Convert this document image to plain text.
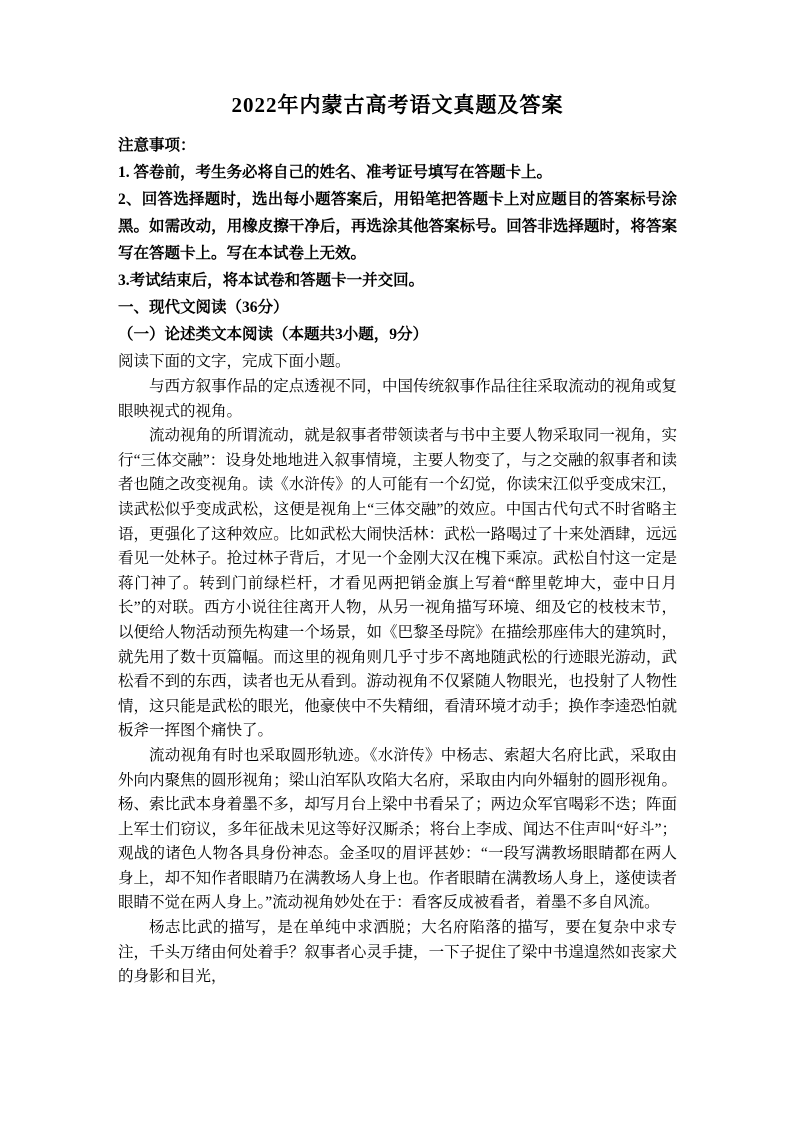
2022年内蒙古高考语文真题及答案

注意事项：

1. 答卷前，考生务必将自己的姓名、准考证号填写在答题卡上。

2、回答选择题时，选出每小题答案后，用铅笔把答题卡上对应题目的答案标号涂黑。如需改动，用橡皮擦干净后，再选涂其他答案标号。回答非选择题时，将答案写在答题卡上。写在本试卷上无效。

3.考试结束后，将本试卷和答题卡一并交回。

一、现代文阅读（36分）

（一）论述类文本阅读（本题共3小题，9分）

阅读下面的文字，完成下面小题。

与西方叙事作品的定点透视不同，中国传统叙事作品往往采取流动的视角或复眼映视式的视角。

流动视角的所谓流动，就是叙事者带领读者与书中主要人物采取同一视角，实行“三体交融”：设身处地地进入叙事情境，主要人物变了，与之交融的叙事者和读者也随之改变视角。读《水浒传》的人可能有一个幻觉，你读宋江似乎变成宋江，读武松似乎变成武松，这便是视角上“三体交融”的效应。中国古代句式不时省略主语，更强化了这种效应。比如武松大闹快活林：武松一路喝过了十来处酒肆，远远看见一处林子。抢过林子背后，才见一个金刚大汉在槐下乘凉。武松自忖这一定是蒋门神了。转到门前绿栏杆，才看见两把销金旗上写着“醉里乾坤大，壶中日月长”的对联。西方小说往往离开人物，从另一视角描写环境、细及它的枝枝末节，以便给人物活动预先构建一个场景，如《巴黎圣母院》在描绘那座伟大的建筑时，就先用了数十页篇幅。而这里的视角则几乎寸步不离地随武松的行迹眼光游动，武松看不到的东西，读者也无从看到。游动视角不仅紧随人物眼光，也投射了人物性情，这只能是武松的眼光，他豪侠中不失精细，看清环境才动手；换作李逵恐怕就板斧一挥图个痛快了。

流动视角有时也采取圆形轨迹。《水浒传》中杨志、索超大名府比武，采取由外向内聚焦的圆形视角；梁山泊军队攻陷大名府，采取由内向外辐射的圆形视角。杨、索比武本身着墨不多，却写月台上梁中书看呆了；两边众军官喝彩不迭；阵面上军士们窃议，多年征战未见这等好汉厮杀；将台上李成、闻达不住声叫“好斗”；观战的诸色人物各具身份神态。金圣叹的眉评甚妙：“一段写满教场眼睛都在两人身上，却不知作者眼睛乃在满教场人身上也。作者眼睛在满教场人身上，遂使读者眼睛不觉在两人身上。”流动视角妙处在于：看客反成被看者，着墨不多自风流。

杨志比武的描写，是在单纯中求洒脱；大名府陷落的描写，要在复杂中求专注，千头万绪由何处着手？叙事者心灵手捷，一下子捉住了梁中书遑遑然如丧家犬的身影和目光，
